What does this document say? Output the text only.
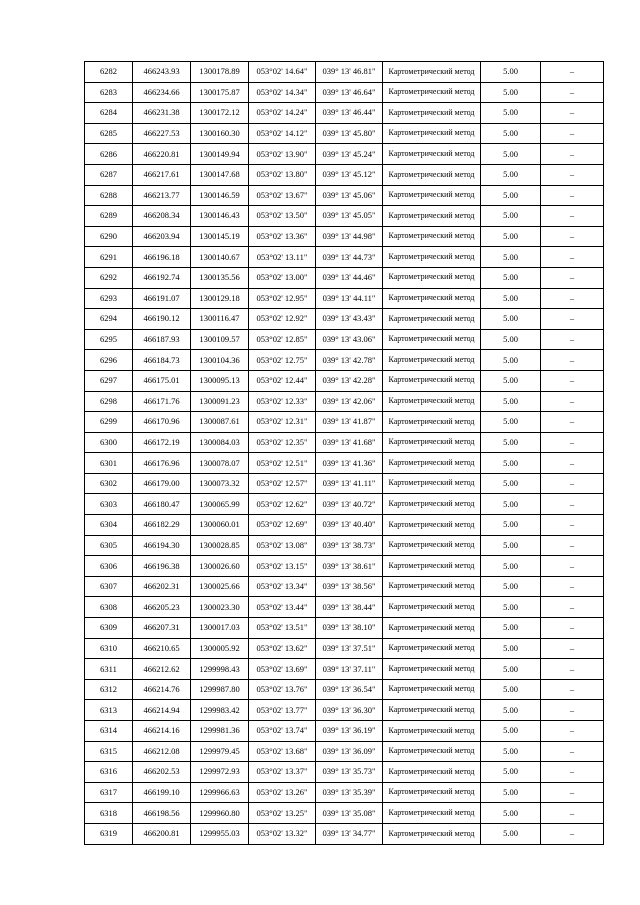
6282	466243.93	1300178.89	053°02' 14.64"	039° 13' 46.81"	Картометрический метод	5.00	–
6283	466234.66	1300175.87	053°02' 14.34"	039° 13' 46.64"	Картометрический метод	5.00	–
6284	466231.38	1300172.12	053°02' 14.24"	039° 13' 46.44"	Картометрический метод	5.00	–
6285	466227.53	1300160.30	053°02' 14.12"	039° 13' 45.80"	Картометрический метод	5.00	–
6286	466220.81	1300149.94	053°02' 13.90"	039° 13' 45.24"	Картометрический метод	5.00	–
6287	466217.61	1300147.68	053°02' 13.80"	039° 13' 45.12"	Картометрический метод	5.00	–
6288	466213.77	1300146.59	053°02' 13.67"	039° 13' 45.06"	Картометрический метод	5.00	–
6289	466208.34	1300146.43	053°02' 13.50"	039° 13' 45.05"	Картометрический метод	5.00	–
6290	466203.94	1300145.19	053°02' 13.36"	039° 13' 44.98"	Картометрический метод	5.00	–
6291	466196.18	1300140.67	053°02' 13.11"	039° 13' 44.73"	Картометрический метод	5.00	–
6292	466192.74	1300135.56	053°02' 13.00"	039° 13' 44.46"	Картометрический метод	5.00	–
6293	466191.07	1300129.18	053°02' 12.95"	039° 13' 44.11"	Картометрический метод	5.00	–
6294	466190.12	1300116.47	053°02' 12.92"	039° 13' 43.43"	Картометрический метод	5.00	–
6295	466187.93	1300109.57	053°02' 12.85"	039° 13' 43.06"	Картометрический метод	5.00	–
6296	466184.73	1300104.36	053°02' 12.75"	039° 13' 42.78"	Картометрический метод	5.00	–
6297	466175.01	1300095.13	053°02' 12.44"	039° 13' 42.28"	Картометрический метод	5.00	–
6298	466171.76	1300091.23	053°02' 12.33"	039° 13' 42.06"	Картометрический метод	5.00	–
6299	466170.96	1300087.61	053°02' 12.31"	039° 13' 41.87"	Картометрический метод	5.00	–
6300	466172.19	1300084.03	053°02' 12.35"	039° 13' 41.68"	Картометрический метод	5.00	–
6301	466176.96	1300078.07	053°02' 12.51"	039° 13' 41.36"	Картометрический метод	5.00	–
6302	466179.00	1300073.32	053°02' 12.57"	039° 13' 41.11"	Картометрический метод	5.00	–
6303	466180.47	1300065.99	053°02' 12.62"	039° 13' 40.72"	Картометрический метод	5.00	–
6304	466182.29	1300060.01	053°02' 12.69"	039° 13' 40.40"	Картометрический метод	5.00	–
6305	466194.30	1300028.85	053°02' 13.08"	039° 13' 38.73"	Картометрический метод	5.00	–
6306	466196.38	1300026.60	053°02' 13.15"	039° 13' 38.61"	Картометрический метод	5.00	–
6307	466202.31	1300025.66	053°02' 13.34"	039° 13' 38.56"	Картометрический метод	5.00	–
6308	466205.23	1300023.30	053°02' 13.44"	039° 13' 38.44"	Картометрический метод	5.00	–
6309	466207.31	1300017.03	053°02' 13.51"	039° 13' 38.10"	Картометрический метод	5.00	–
6310	466210.65	1300005.92	053°02' 13.62"	039° 13' 37.51"	Картометрический метод	5.00	–
6311	466212.62	1299998.43	053°02' 13.69"	039° 13' 37.11"	Картометрический метод	5.00	–
6312	466214.76	1299987.80	053°02' 13.76"	039° 13' 36.54"	Картометрический метод	5.00	–
6313	466214.94	1299983.42	053°02' 13.77"	039° 13' 36.30"	Картометрический метод	5.00	–
6314	466214.16	1299981.36	053°02' 13.74"	039° 13' 36.19"	Картометрический метод	5.00	–
6315	466212.08	1299979.45	053°02' 13.68"	039° 13' 36.09"	Картометрический метод	5.00	–
6316	466202.53	1299972.93	053°02' 13.37"	039° 13' 35.73"	Картометрический метод	5.00	–
6317	466199.10	1299966.63	053°02' 13.26"	039° 13' 35.39"	Картометрический метод	5.00	–
6318	466198.56	1299960.80	053°02' 13.25"	039° 13' 35.08"	Картометрический метод	5.00	–
6319	466200.81	1299955.03	053°02' 13.32"	039° 13' 34.77"	Картометрический метод	5.00	–
